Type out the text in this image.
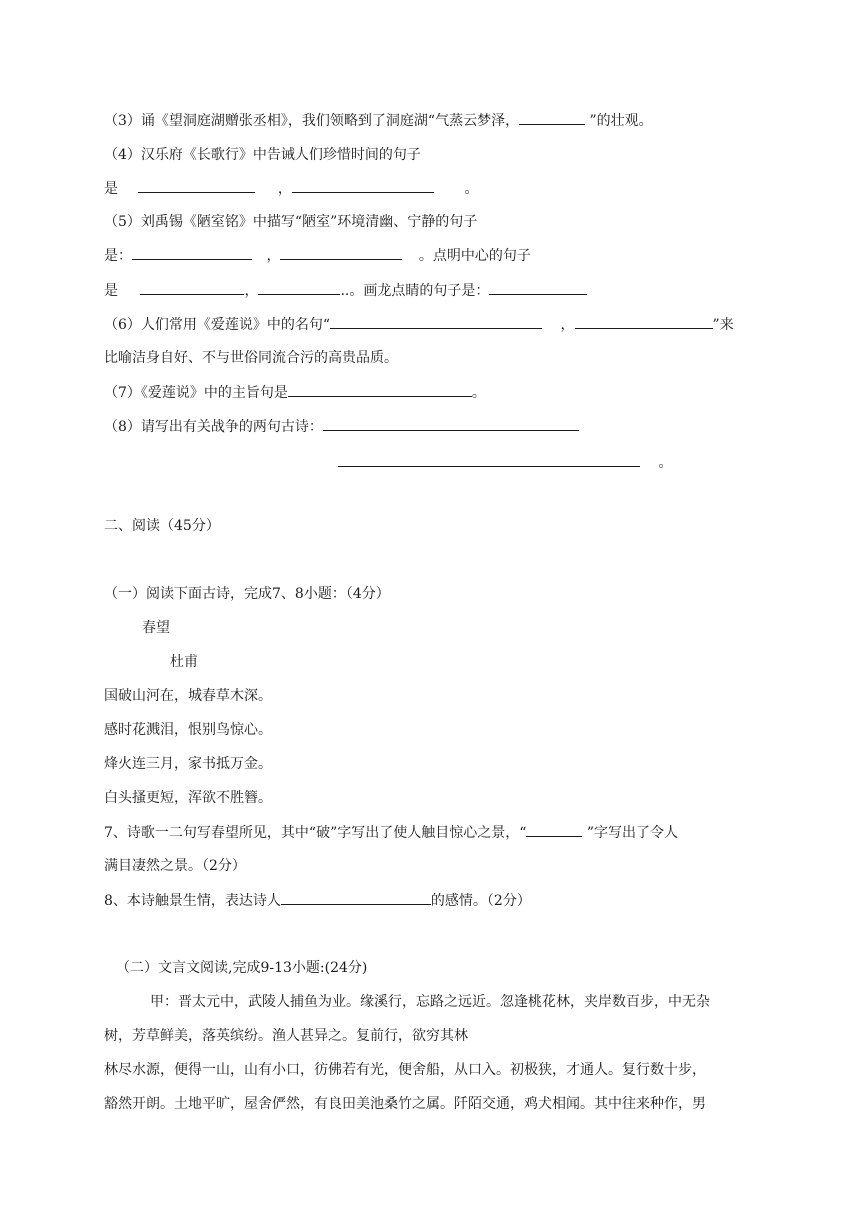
（3）诵《望洞庭湖赠张丞相》，我们领略到了洞庭湖“气蒸云梦泽，	”的壮观。
（4）汉乐府《长歌行》中告诫人们珍惜时间的句子
是	，	。
（5）刘禹锡《陋室铭》中描写“陋室”环境清幽、宁静的句子
是：	，	。点明中心的句子
是	，	..。画龙点睛的句子是：
（6）人们常用《爱莲说》中的名句“	，	”来
比喻洁身自好、不与世俗同流合污的高贵品质。
（7）《爱莲说》中的主旨句是	。
（8）请写出有关战争的两句古诗：
。
二、阅读（45分）
（一）阅读下面古诗，完成7、8小题：（4分）
春望
杜甫
国破山河在，城春草木深。
感时花溅泪，恨别鸟惊心。
烽火连三月，家书抵万金。
白头搔更短，浑欲不胜簪。
7、诗歌一二句写春望所见，其中“破”字写出了使人触目惊心之景，“	”字写出了令人
满目凄然之景。（2分）
8、本诗触景生情，表达诗人	的感情。（2分）
（二）文言文阅读,完成9-13小题:(24分)
甲：晋太元中，武陵人捕鱼为业。缘溪行，忘路之远近。忽逢桃花林，夹岸数百步，中无杂
树，芳草鲜美，落英缤纷。渔人甚异之。复前行，欲穷其林
林尽水源，便得一山，山有小口，彷佛若有光，便舍船，从口入。初极狭，才通人。复行数十步，
豁然开朗。土地平旷，屋舍俨然，有良田美池桑竹之属。阡陌交通，鸡犬相闻。其中往来种作，男
